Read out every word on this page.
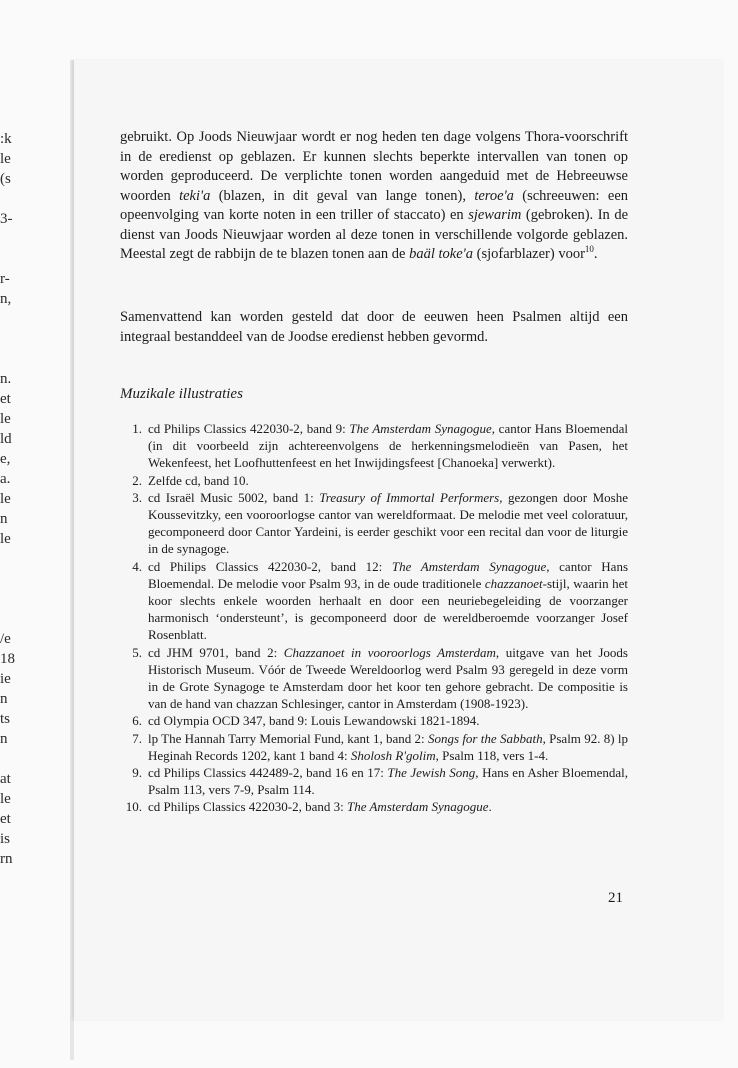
:k
le
(s
3-
r-
n,
n.
et
le
ld
e,
a.
le
n
le
/e
18
ie
n
ts
n
at
le
et
is
rn

gebruikt. Op Joods Nieuwjaar wordt er nog heden ten dage volgens Thora-voorschrift in de eredienst op geblazen. Er kunnen slechts beperkte intervallen van tonen op worden geproduceerd. De verplichte tonen worden aangeduid met de Hebreeuwse woorden teki'a (blazen, in dit geval van lange tonen), teroe'a (schreeuwen: een opeenvolging van korte noten in een triller of staccato) en sjewarim (gebroken). In de dienst van Joods Nieuwjaar worden al deze tonen in verschillende volgorde geblazen. Meestal zegt de rabbijn de te blazen tonen aan de baäl toke'a (sjofarblazer) voor$^{10}$.

Samenvattend kan worden gesteld dat door de eeuwen heen Psalmen altijd een integraal bestanddeel van de Joodse eredienst hebben gevormd.

Muzikale illustraties
1. cd Philips Classics 422030-2, band 9: The Amsterdam Synagogue, cantor Hans Bloemendal (in dit voorbeeld zijn achtereenvolgens de herkenningsmelodieën van Pasen, het Wekenfeest, het Loofhuttenfeest en het Inwijdingsfeest [Chanoeka] verwerkt).
2. Zelfde cd, band 10.
3. cd Israël Music 5002, band 1: Treasury of Immortal Performers, gezongen door Moshe Koussevitzky, een vooroorlogse cantor van wereldformaat. De melodie met veel coloratuur, gecomponeerd door Cantor Yardeini, is eerder geschikt voor een recital dan voor de liturgie in de synagoge.
4. cd Philips Classics 422030-2, band 12: The Amsterdam Synagogue, cantor Hans Bloemendal. De melodie voor Psalm 93, in de oude traditionele chazzanoet-stijl, waarin het koor slechts enkele woorden herhaalt en door een neuriebegeleiding de voorzanger harmonisch ‘ondersteunt’, is gecomponeerd door de wereldberoemde voorzanger Josef Rosenblatt.
5. cd JHM 9701, band 2: Chazzanoet in vooroorlogs Amsterdam, uitgave van het Joods Historisch Museum. Vóór de Tweede Wereldoorlog werd Psalm 93 geregeld in deze vorm in de Grote Synagoge te Amsterdam door het koor ten gehore gebracht. De compositie is van de hand van chazzan Schlesinger, cantor in Amsterdam (1908-1923).
6. cd Olympia OCD 347, band 9: Louis Lewandowski 1821-1894.
7. lp The Hannah Tarry Memorial Fund, kant 1, band 2: Songs for the Sabbath, Psalm 92. 8) lp Heginah Records 1202, kant 1 band 4: Sholosh R'golim, Psalm 118, vers 1-4.
9. cd Philips Classics 442489-2, band 16 en 17: The Jewish Song, Hans en Asher Bloemendal, Psalm 113, vers 7-9, Psalm 114.
10. cd Philips Classics 422030-2, band 3: The Amsterdam Synagogue.
21
